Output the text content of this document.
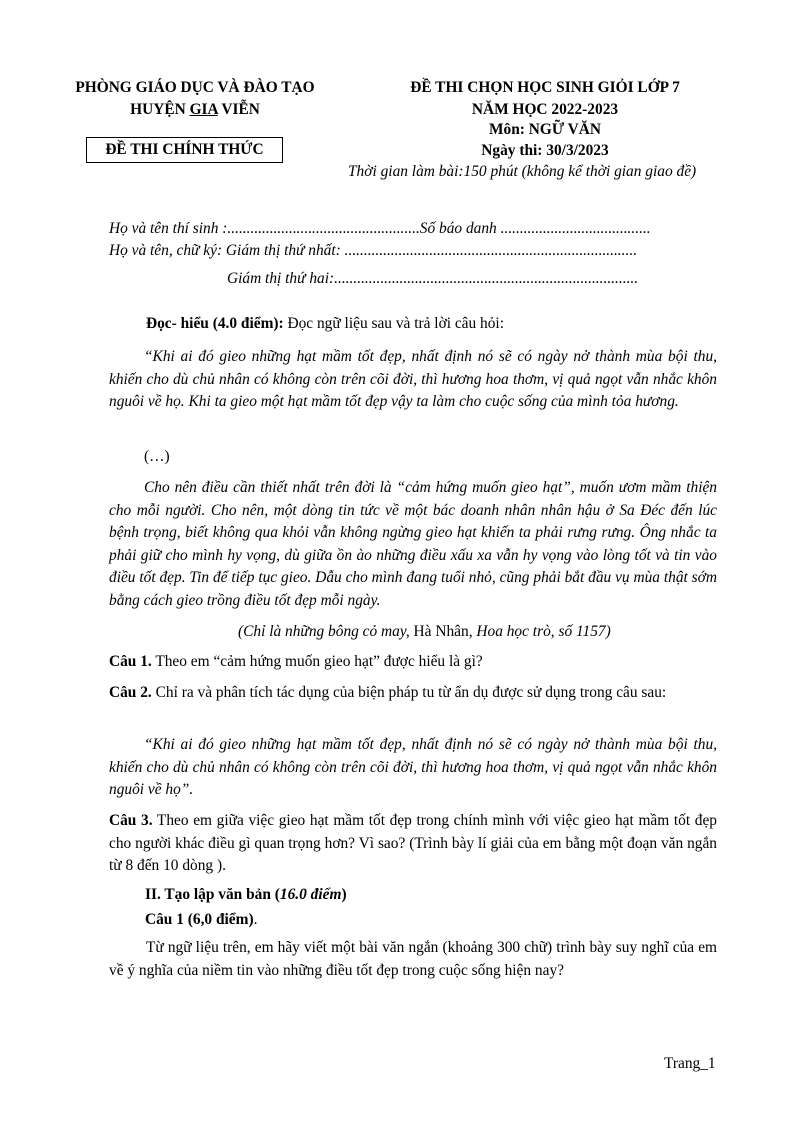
PHÒNG GIÁO DỤC VÀ ĐÀO TẠO
HUYỆN GIA VIỄN
ĐỀ THI CHÍNH THỨC
ĐỀ THI CHỌN HỌC SINH GIỎI LỚP 7
NĂM HỌC 2022-2023
Môn: NGỮ VĂN
Ngày thi: 30/3/2023
Thời gian làm bài:150 phút (không kể thời gian giao đề)
Họ và tên thí sinh :..................................................Số báo danh .......................................
Họ và tên, chữ ký: Giám thị thứ nhất: ............................................................................
Giám thị thứ hai:...............................................................................
Đọc- hiểu (4.0 điểm): Đọc ngữ liệu sau và trả lời câu hỏi:
“Khi ai đó gieo những hạt mầm tốt đẹp, nhất định nó sẽ có ngày nở thành mùa bội thu, khiến cho dù chủ nhân có không còn trên cõi đời, thì hương hoa thơm, vị quả ngọt vẫn nhắc khôn nguôi về họ. Khi ta gieo một hạt mầm tốt đẹp vậy ta làm cho cuộc sống của mình tỏa hương.
(…)
Cho nên điều cần thiết nhất trên đời là “cảm hứng muốn gieo hạt”, muốn ươm mầm thiện cho mỗi người. Cho nên, một dòng tin tức về một bác doanh nhân nhân hậu ở Sa Đéc đến lúc bệnh trọng, biết không qua khỏi vẫn không ngừng gieo hạt khiến ta phải rưng rưng. Ông nhắc ta phải giữ cho mình hy vọng, dù giữa ồn ào những điều xấu xa vẫn hy vọng vào lòng tốt và tin vào điều tốt đẹp. Tin để tiếp tục gieo. Dẫu cho mình đang tuổi nhỏ, cũng phải bắt đầu vụ mùa thật sớm bằng cách gieo trồng điều tốt đẹp mỗi ngày.
(Chỉ là những bông cỏ may, Hà Nhân, Hoa học trò, số 1157)
Câu 1. Theo em “cảm hứng muốn gieo hạt” được hiểu là gì?
Câu 2. Chỉ ra và phân tích tác dụng của biện pháp tu từ ẩn dụ được sử dụng trong câu sau:
“Khi ai đó gieo những hạt mầm tốt đẹp, nhất định nó sẽ có ngày nở thành mùa bội thu, khiến cho dù chủ nhân có không còn trên cõi đời, thì hương hoa thơm, vị quả ngọt vẫn nhắc khôn nguôi về họ”.
Câu 3. Theo em giữa việc gieo hạt mầm tốt đẹp trong chính mình với việc gieo hạt mầm tốt đẹp cho người khác điều gì quan trọng hơn? Vì sao? (Trình bày lí giải của em bằng một đoạn văn ngắn từ 8 đến 10 dòng ).
II. Tạo lập văn bản (16.0 điểm)
Câu 1 (6,0 điểm).
Từ ngữ liệu trên, em hãy viết một bài văn ngắn (khoảng 300 chữ) trình bày suy nghĩ của em về ý nghĩa của niềm tin vào những điều tốt đẹp trong cuộc sống hiện nay?
Trang_1
